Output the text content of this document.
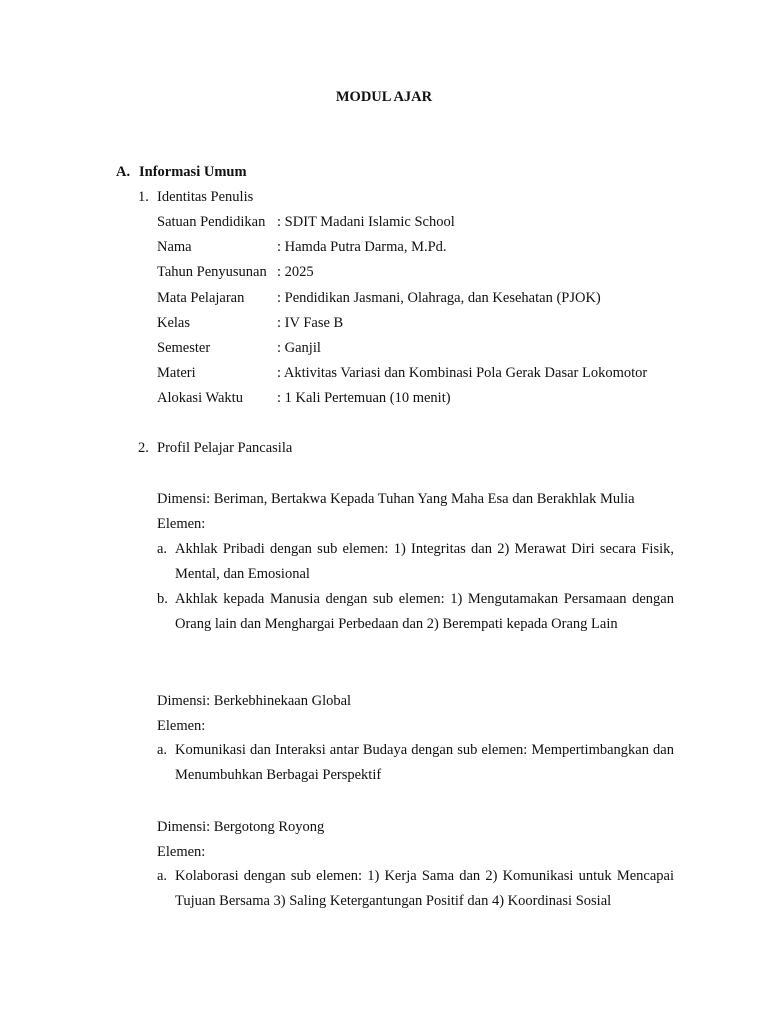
MODUL AJAR
A. Informasi Umum
1. Identitas Penulis
Satuan Pendidikan : SDIT Madani Islamic School
Nama	: Hamda Putra Darma, M.Pd.
Tahun Penyusunan : 2025
Mata Pelajaran : Pendidikan Jasmani, Olahraga, dan Kesehatan (PJOK)
Kelas	: IV Fase B
Semester	: Ganjil
Materi	: Aktivitas Variasi dan Kombinasi Pola Gerak Dasar Lokomotor
Alokasi Waktu : 1 Kali Pertemuan (10 menit)
2. Profil Pelajar Pancasila
Dimensi: Beriman, Bertakwa Kepada Tuhan Yang Maha Esa dan Berakhlak Mulia
Elemen:
a. Akhlak Pribadi dengan sub elemen: 1) Integritas dan 2) Merawat Diri secara Fisik, Mental, dan Emosional
b. Akhlak kepada Manusia dengan sub elemen: 1) Mengutamakan Persamaan dengan Orang lain dan Menghargai Perbedaan dan 2) Berempati kepada Orang Lain
Dimensi: Berkebhinekaan Global
Elemen:
a. Komunikasi dan Interaksi antar Budaya dengan sub elemen: Mempertimbangkan dan Menumbuhkan Berbagai Perspektif
Dimensi: Bergotong Royong
Elemen:
a. Kolaborasi dengan sub elemen: 1) Kerja Sama dan 2) Komunikasi untuk Mencapai Tujuan Bersama 3) Saling Ketergantungan Positif dan 4) Koordinasi Sosial
